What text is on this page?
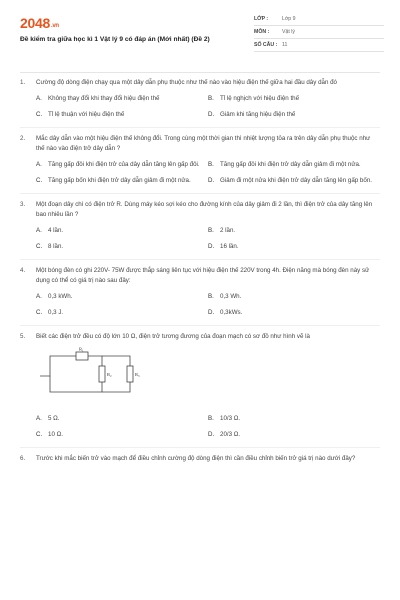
2048.vn
Đề kiểm tra giữa học kì 1 Vật lý 9 có đáp án (Mới nhất) (Đề 2)
LỚP :	Lớp 9
MÔN :	Vật lý
SỐ CÂU : 11
1.	Cường độ dòng điện chạy qua một dây dẫn phụ thuộc như thế nào vào hiệu điện thế giữa hai đầu dây dẫn đó
A. Không thay đổi khi thay đổi hiệu điện thế	B. Tỉ lệ nghịch với hiệu điện thế
C. Tỉ lệ thuận với hiệu điện thế	D. Giảm khi tăng hiệu điện thế
2.	Mắc dây dẫn vào một hiệu điện thế không đổi. Trong cùng một thời gian thì nhiệt lượng tỏa ra trên dây dẫn phụ thuộc như thế nào vào điện trở dây dẫn ?
A. Tăng gấp đôi khi điện trở của dây dẫn tăng lên gấp đôi.	B. Tăng gấp đôi khi điện trở dây dẫn giảm đi một nửa.
C. Tăng gấp bốn khi điện trở dây dẫn giảm đi một nửa.	D. Giảm đi một nửa khi điện trở dây dẫn tăng lên gấp bốn.
3.	Một đoạn dây chì có điện trở R. Dùng máy kéo sợi kéo cho đường kính của dây giảm đi 2 lần, thì điện trở của dây tăng lên bao nhiêu lần ?
A. 4 lần.	B. 2 lần.
C. 8 lần.	D. 16 lần.
4.	Một bóng đèn có ghi 220V- 75W được thắp sáng liên tục với hiệu điện thế 220V trong 4h. Điện năng mà bóng đèn này sử dụng có thể có giá trị nào sau đây:
A. 0,3 kWh.	B. 0,3 Wh.
C. 0,3 J.	D. 0,3kWs.
5.	Biết các điện trở đều có độ lớn 10 Ω, điện trở tương đương của đoạn mạch có sơ đồ như hình vẽ là
R₁
R₂	R₃
A. 5 Ω.	B. 10/3 Ω.
C. 10 Ω.	D. 20/3 Ω.
6.	Trước khi mắc biến trở vào mạch để điều chỉnh cường độ dòng điện thì cần điều chỉnh biến trở giá trị nào dưới đây?
